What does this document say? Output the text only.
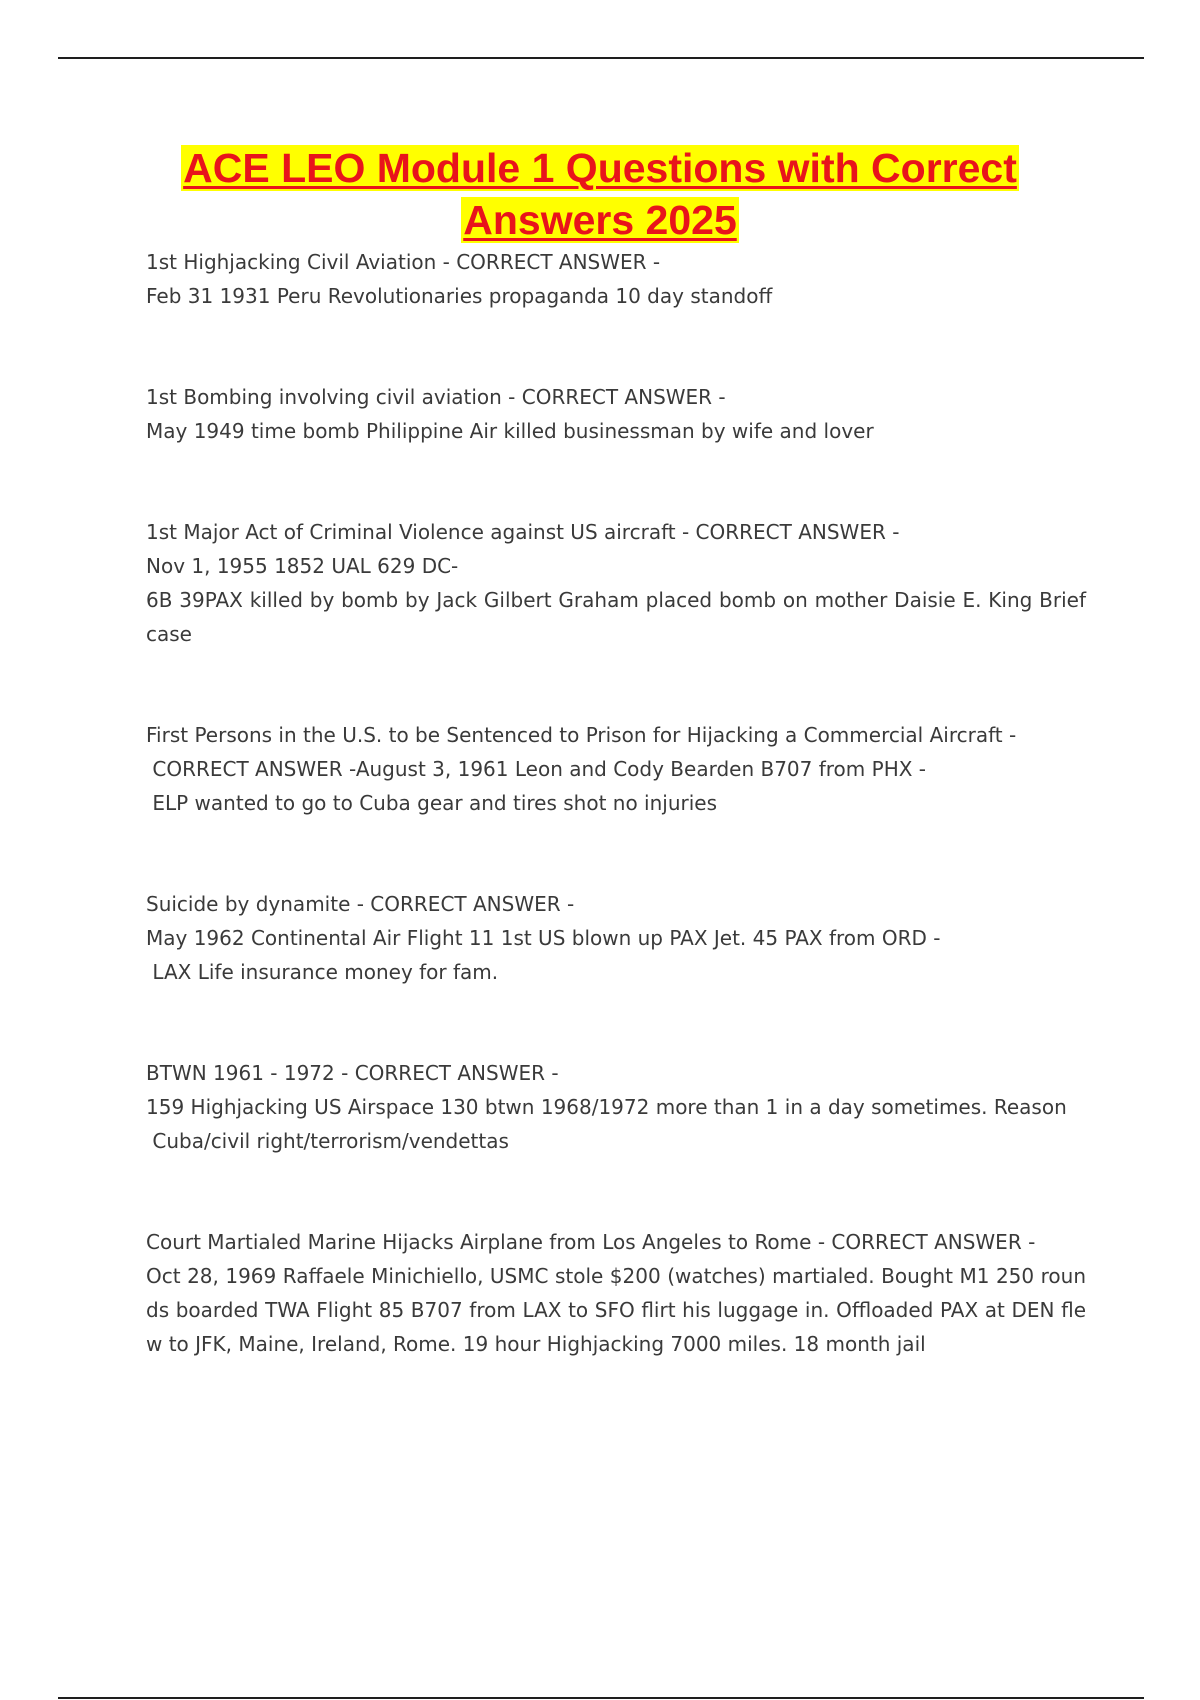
ACE LEO Module 1 Questions with Correct
Answers 2025
1st Highjacking Civil Aviation - CORRECT ANSWER -
Feb 31 1931 Peru Revolutionaries propaganda 10 day standoff
1st Bombing involving civil aviation - CORRECT ANSWER -
May 1949 time bomb Philippine Air killed businessman by wife and lover
1st Major Act of Criminal Violence against US aircraft - CORRECT ANSWER -
Nov 1, 1955 1852 UAL 629 DC-
6B 39PAX killed by bomb by Jack Gilbert Graham placed bomb on mother Daisie E. King Briefcase
First Persons in the U.S. to be Sentenced to Prison for Hijacking a Commercial Aircraft -
CORRECT ANSWER -August 3, 1961 Leon and Cody Bearden B707 from PHX -
ELP wanted to go to Cuba gear and tires shot no injuries
Suicide by dynamite - CORRECT ANSWER -
May 1962 Continental Air Flight 11 1st US blown up PAX Jet. 45 PAX from ORD -
LAX Life insurance money for fam.
BTWN 1961 - 1972 - CORRECT ANSWER -
159 Highjacking US Airspace 130 btwn 1968/1972 more than 1 in a day sometimes. Reason
Cuba/civil right/terrorism/vendettas
Court Martialed Marine Hijacks Airplane from Los Angeles to Rome - CORRECT ANSWER -
Oct 28, 1969 Raffaele Minichiello, USMC stole $200 (watches) martialed. Bought M1 250 rounds boarded TWA Flight 85 B707 from LAX to SFO flirt his luggage in. Offloaded PAX at DEN flew to JFK, Maine, Ireland, Rome. 19 hour Highjacking 7000 miles. 18 month jail
